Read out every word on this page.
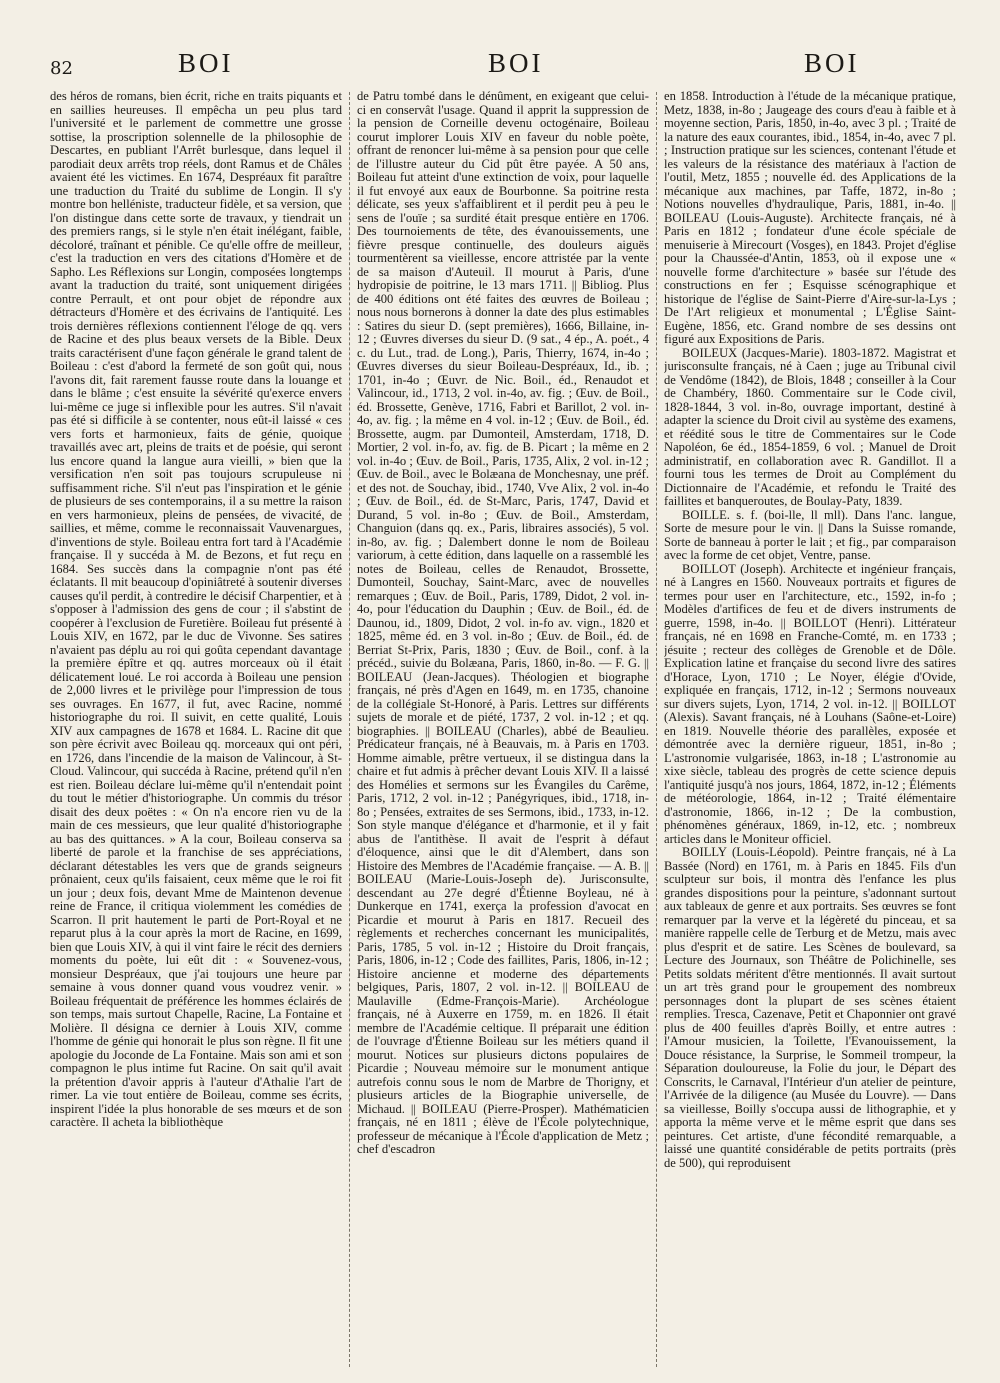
82	BOI	BOI	BOI

des héros de romans, bien écrit, riche en traits piquants et en saillies heureuses. Il empêcha un peu plus tard l'université et le parlement de commettre une grosse sottise, la proscription solennelle de la philosophie de Descartes, en publiant l'Arrêt burlesque, dans lequel il parodiait deux arrêts trop réels, dont Ramus et de Châles avaient été les victimes. En 1674, Despréaux fit paraître une traduction du Traité du sublime de Longin. Il s'y montre bon helléniste, traducteur fidèle, et sa version, que l'on distingue dans cette sorte de travaux, y tiendrait un des premiers rangs, si le style n'en était inélégant, faible, décoloré, traînant et pénible. Ce qu'elle offre de meilleur, c'est la traduction en vers des citations d'Homère et de Sapho. Les Réflexions sur Longin, composées longtemps avant la traduction du traité, sont uniquement dirigées contre Perrault, et ont pour objet de répondre aux détracteurs d'Homère et des écrivains de l'antiquité. Les trois dernières réflexions contiennent l'éloge de qq. vers de Racine et des plus beaux versets de la Bible. Deux traits caractérisent d'une façon générale le grand talent de Boileau : c'est d'abord la fermeté de son goût qui, nous l'avons dit, fait rarement fausse route dans la louange et dans le blâme ; c'est ensuite la sévérité qu'exerce envers lui-même ce juge si inflexible pour les autres. S'il n'avait pas été si difficile à se contenter, nous eût-il laissé « ces vers forts et harmonieux, faits de génie, quoique travaillés avec art, pleins de traits et de poésie, qui seront lus encore quand la langue aura vieilli, » bien que la versification n'en soit pas toujours scrupuleuse ni suffisamment riche. S'il n'eut pas l'inspiration et le génie de plusieurs de ses contemporains, il a su mettre la raison en vers harmonieux, pleins de pensées, de vivacité, de saillies, et même, comme le reconnaissait Vauvenargues, d'inventions de style. Boileau entra fort tard à l'Académie française. Il y succéda à M. de Bezons, et fut reçu en 1684. Ses succès dans la compagnie n'ont pas été éclatants. Il mit beaucoup d'opiniâtreté à soutenir diverses causes qu'il perdit, à contredire le décisif Charpentier, et à s'opposer à l'admission des gens de cour ; il s'abstint de coopérer à l'exclusion de Furetière. Boileau fut présenté à Louis XIV, en 1672, par le duc de Vivonne. Ses satires n'avaient pas déplu au roi qui goûta cependant davantage la première épître et qq. autres morceaux où il était délicatement loué. Le roi accorda à Boileau une pension de 2,000 livres et le privilège pour l'impression de tous ses ouvrages. En 1677, il fut, avec Racine, nommé historiographe du roi. Il suivit, en cette qualité, Louis XIV aux campagnes de 1678 et 1684. L. Racine dit que son père écrivit avec Boileau qq. morceaux qui ont péri, en 1726, dans l'incendie de la maison de Valincour, à St-Cloud. Valincour, qui succéda à Racine, prétend qu'il n'en est rien. Boileau déclare lui-même qu'il n'entendait point du tout le métier d'historiographe. Un commis du trésor disait des deux poëtes : « On n'a encore rien vu de la main de ces messieurs, que leur qualité d'historiographe au bas des quittances. » A la cour, Boileau conserva sa liberté de parole et la franchise de ses appréciations, déclarant détestables les vers que de grands seigneurs prônaient, ceux qu'ils faisaient, ceux même que le roi fit un jour ; deux fois, devant Mme de Maintenon devenue reine de France, il critiqua violemment les comédies de Scarron. Il prit hautement le parti de Port-Royal et ne reparut plus à la cour après la mort de Racine, en 1699, bien que Louis XIV, à qui il vint faire le récit des derniers moments du poète, lui eût dit : « Souvenez-vous, monsieur Despréaux, que j'ai toujours une heure par semaine à vous donner quand vous voudrez venir. » Boileau fréquentait de préférence les hommes éclairés de son temps, mais surtout Chapelle, Racine, La Fontaine et Molière. Il désigna ce dernier à Louis XIV, comme l'homme de génie qui honorait le plus son règne. Il fit une apologie du Joconde de La Fontaine. Mais son ami et son compagnon le plus intime fut Racine. On sait qu'il avait la prétention d'avoir appris à l'auteur d'Athalie l'art de rimer. La vie tout entière de Boileau, comme ses écrits, inspirent l'idée la plus honorable de ses mœurs et de son caractère. Il acheta la bibliothèque

de Patru tombé dans le dénûment, en exigeant que celui-ci en conservât l'usage. Quand il apprit la suppression de la pension de Corneille devenu octogénaire, Boileau courut implorer Louis XIV en faveur du noble poète, offrant de renoncer lui-même à sa pension pour que celle de l'illustre auteur du Cid pût être payée. A 50 ans, Boileau fut atteint d'une extinction de voix, pour laquelle il fut envoyé aux eaux de Bourbonne. Sa poitrine resta délicate, ses yeux s'affaiblirent et il perdit peu à peu le sens de l'ouïe ; sa surdité était presque entière en 1706. Des tournoiements de tête, des évanouissements, une fièvre presque continuelle, des douleurs aiguës tourmentèrent sa vieillesse, encore attristée par la vente de sa maison d'Auteuil. Il mourut à Paris, d'une hydropisie de poitrine, le 13 mars 1711. || Bibliog. Plus de 400 éditions ont été faites des œuvres de Boileau ; nous nous bornerons à donner la date des plus estimables : Satires du sieur D. (sept premières), 1666, Billaine, in-12 ; Œuvres diverses du sieur D. (9 sat., 4 ép., A. poét., 4 c. du Lut., trad. de Long.), Paris, Thierry, 1674, in-4o ; Œuvres diverses du sieur Boileau-Despréaux, Id., ib. ; 1701, in-4o ; Œuvr. de Nic. Boil., éd., Renaudot et Valincour, id., 1713, 2 vol. in-4o, av. fig. ; Œuv. de Boil., éd. Brossette, Genève, 1716, Fabri et Barillot, 2 vol. in-4o, av. fig. ; la même en 4 vol. in-12 ; Œuv. de Boil., éd. Brossette, augm. par Dumonteil, Amsterdam, 1718, D. Mortier, 2 vol. in-fo, av. fig. de B. Picart ; la même en 2 vol. in-4o ; Œuv. de Boil., Paris, 1735, Alix, 2 vol. in-12 ; Œuv. de Boil., avec le Bolæana de Monchesnay, une préf. et des not. de Souchay, ibid., 1740, Vve Alix, 2 vol. in-4o ; Œuv. de Boil., éd. de St-Marc, Paris, 1747, David et Durand, 5 vol. in-8o ; Œuv. de Boil., Amsterdam, Changuion (dans qq. ex., Paris, libraires associés), 5 vol. in-8o, av. fig. ; Dalembert donne le nom de Boileau variorum, à cette édition, dans laquelle on a rassemblé les notes de Boileau, celles de Renaudot, Brossette, Dumonteil, Souchay, Saint-Marc, avec de nouvelles remarques ; Œuv. de Boil., Paris, 1789, Didot, 2 vol. in-4o, pour l'éducation du Dauphin ; Œuv. de Boil., éd. de Daunou, id., 1809, Didot, 2 vol. in-fo av. vign., 1820 et 1825, même éd. en 3 vol. in-8o ; Œuv. de Boil., éd. de Berriat St-Prix, Paris, 1830 ; Œuv. de Boil., conf. à la précéd., suivie du Bolæana, Paris, 1860, in-8o. — F. G. || BOILEAU (Jean-Jacques). Théologien et biographe français, né près d'Agen en 1649, m. en 1735, chanoine de la collégiale St-Honoré, à Paris. Lettres sur différents sujets de morale et de piété, 1737, 2 vol. in-12 ; et qq. biographies. || BOILEAU (Charles), abbé de Beaulieu. Prédicateur français, né à Beauvais, m. à Paris en 1703. Homme aimable, prêtre vertueux, il se distingua dans la chaire et fut admis à prêcher devant Louis XIV. Il a laissé des Homélies et sermons sur les Évangiles du Carême, Paris, 1712, 2 vol. in-12 ; Panégyriques, ibid., 1718, in-8o ; Pensées, extraites de ses Sermons, ibid., 1733, in-12. Son style manque d'élégance et d'harmonie, et il y fait abus de l'antithèse. Il avait de l'esprit à défaut d'éloquence, ainsi que le dit d'Alembert, dans son Histoire des Membres de l'Académie française. — A. B. || BOILEAU (Marie-Louis-Joseph de). Jurisconsulte, descendant au 27e degré d'Étienne Boyleau, né à Dunkerque en 1741, exerça la profession d'avocat en Picardie et mourut à Paris en 1817. Recueil des règlements et recherches concernant les municipalités, Paris, 1785, 5 vol. in-12 ; Histoire du Droit français, Paris, 1806, in-12 ; Code des faillites, Paris, 1806, in-12 ; Histoire ancienne et moderne des départements belgiques, Paris, 1807, 2 vol. in-12. || BOILEAU de Maulaville (Edme-François-Marie). Archéologue français, né à Auxerre en 1759, m. en 1826. Il était membre de l'Académie celtique. Il préparait une édition de l'ouvrage d'Étienne Boileau sur les métiers quand il mourut. Notices sur plusieurs dictons populaires de Picardie ; Nouveau mémoire sur le monument antique autrefois connu sous le nom de Marbre de Thorigny, et plusieurs articles de la Biographie universelle, de Michaud. || BOILEAU (Pierre-Prosper). Mathématicien français, né en 1811 ; élève de l'École polytechnique, professeur de mécanique à l'École d'application de Metz ; chef d'escadron

en 1858. Introduction à l'étude de la mécanique pratique, Metz, 1838, in-8o ; Jaugeage des cours d'eau à faible et à moyenne section, Paris, 1850, in-4o, avec 3 pl. ; Traité de la nature des eaux courantes, ibid., 1854, in-4o, avec 7 pl. ; Instruction pratique sur les sciences, contenant l'étude et les valeurs de la résistance des matériaux à l'action de l'outil, Metz, 1855 ; nouvelle éd. des Applications de la mécanique aux machines, par Taffe, 1872, in-8o ; Notions nouvelles d'hydraulique, Paris, 1881, in-4o. || BOILEAU (Louis-Auguste). Architecte français, né à Paris en 1812 ; fondateur d'une école spéciale de menuiserie à Mirecourt (Vosges), en 1843. Projet d'église pour la Chaussée-d'Antin, 1853, où il expose une « nouvelle forme d'architecture » basée sur l'étude des constructions en fer ; Esquisse scénographique et historique de l'église de Saint-Pierre d'Aire-sur-la-Lys ; De l'Art religieux et monumental ; L'Église Saint-Eugène, 1856, etc. Grand nombre de ses dessins ont figuré aux Expositions de Paris.

BOILEUX (Jacques-Marie). 1803-1872. Magistrat et jurisconsulte français, né à Caen ; juge au Tribunal civil de Vendôme (1842), de Blois, 1848 ; conseiller à la Cour de Chambéry, 1860. Commentaire sur le Code civil, 1828-1844, 3 vol. in-8o, ouvrage important, destiné à adapter la science du Droit civil au système des examens, et réédité sous le titre de Commentaires sur le Code Napoléon, 6e éd., 1854-1859, 6 vol. ; Manuel de Droit administratif, en collaboration avec R. Gandillot. Il a fourni tous les termes de Droit au Complément du Dictionnaire de l'Académie, et refondu le Traité des faillites et banqueroutes, de Boulay-Paty, 1839.

BOILLE. s. f. (boi-lle, ll mll). Dans l'anc. langue, Sorte de mesure pour le vin. || Dans la Suisse romande, Sorte de banneau à porter le lait ; et fig., par comparaison avec la forme de cet objet, Ventre, panse.

BOILLOT (Joseph). Architecte et ingénieur français, né à Langres en 1560. Nouveaux portraits et figures de termes pour user en l'architecture, etc., 1592, in-fo ; Modèles d'artifices de feu et de divers instruments de guerre, 1598, in-4o. || BOILLOT (Henri). Littérateur français, né en 1698 en Franche-Comté, m. en 1733 ; jésuite ; recteur des collèges de Grenoble et de Dôle. Explication latine et française du second livre des satires d'Horace, Lyon, 1710 ; Le Noyer, élégie d'Ovide, expliquée en français, 1712, in-12 ; Sermons nouveaux sur divers sujets, Lyon, 1714, 2 vol. in-12. || BOILLOT (Alexis). Savant français, né à Louhans (Saône-et-Loire) en 1819. Nouvelle théorie des parallèles, exposée et démontrée avec la dernière rigueur, 1851, in-8o ; L'astronomie vulgarisée, 1863, in-18 ; L'astronomie au xixe siècle, tableau des progrès de cette science depuis l'antiquité jusqu'à nos jours, 1864, 1872, in-12 ; Éléments de météorologie, 1864, in-12 ; Traité élémentaire d'astronomie, 1866, in-12 ; De la combustion, phénomènes généraux, 1869, in-12, etc. ; nombreux articles dans le Moniteur officiel.

BOILLY (Louis-Léopold). Peintre français, né à La Bassée (Nord) en 1761, m. à Paris en 1845. Fils d'un sculpteur sur bois, il montra dès l'enfance les plus grandes dispositions pour la peinture, s'adonnant surtout aux tableaux de genre et aux portraits. Ses œuvres se font remarquer par la verve et la légèreté du pinceau, et sa manière rappelle celle de Terburg et de Metzu, mais avec plus d'esprit et de satire. Les Scènes de boulevard, sa Lecture des Journaux, son Théâtre de Polichinelle, ses Petits soldats méritent d'être mentionnés. Il avait surtout un art très grand pour le groupement des nombreux personnages dont la plupart de ses scènes étaient remplies. Tresca, Cazenave, Petit et Chaponnier ont gravé plus de 400 feuilles d'après Boilly, et entre autres : l'Amour musicien, la Toilette, l'Evanouissement, la Douce résistance, la Surprise, le Sommeil trompeur, la Séparation douloureuse, la Folie du jour, le Départ des Conscrits, le Carnaval, l'Intérieur d'un atelier de peinture, l'Arrivée de la diligence (au Musée du Louvre). — Dans sa vieillesse, Boilly s'occupa aussi de lithographie, et y apporta la même verve et le même esprit que dans ses peintures. Cet artiste, d'une fécondité remarquable, a laissé une quantité considérable de petits portraits (près de 500), qui reproduisent
